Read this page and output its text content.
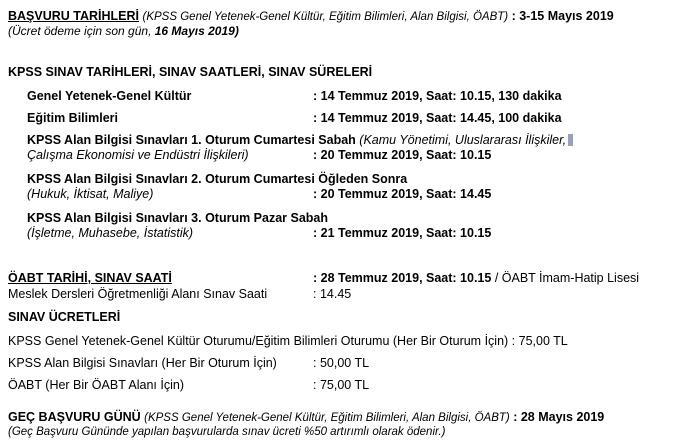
BAŞVURU TARİHLERİ (KPSS Genel Yetenek-Genel Kültür, Eğitim Bilimleri, Alan Bilgisi, ÖABT) : 3-15 Mayıs 2019
(Ücret ödeme için son gün, 16 Mayıs 2019)
KPSS SINAV TARİHLERİ, SINAV SAATLERİ, SINAV SÜRELERİ
Genel Yetenek-Genel Kültür	: 14 Temmuz 2019, Saat: 10.15, 130 dakika
Eğitim Bilimleri	: 14 Temmuz 2019, Saat: 14.45, 100 dakika
KPSS Alan Bilgisi Sınavları 1. Oturum Cumartesi Sabah (Kamu Yönetimi, Uluslararası İlişkiler,
Çalışma Ekonomisi ve Endüstri İlişkileri)	: 20 Temmuz 2019, Saat: 10.15
KPSS Alan Bilgisi Sınavları 2. Oturum Cumartesi Öğleden Sonra
(Hukuk, İktisat, Maliye)	: 20 Temmuz 2019, Saat: 14.45
KPSS Alan Bilgisi Sınavları 3. Oturum Pazar Sabah
(İşletme, Muhasebe, İstatistik)	: 21 Temmuz 2019, Saat: 10.15
ÖABT TARİHİ, SINAV SAATİ	: 28 Temmuz 2019, Saat: 10.15 / ÖABT İmam-Hatip Lisesi
Meslek Dersleri Öğretmenliği Alanı Sınav Saati	: 14.45
SINAV ÜCRETLERİ
KPSS Genel Yetenek-Genel Kültür Oturumu/Eğitim Bilimleri Oturumu (Her Bir Oturum İçin) : 75,00 TL
KPSS Alan Bilgisi Sınavları (Her Bir Oturum İçin)	: 50,00 TL
ÖABT (Her Bir ÖABT Alanı İçin)	: 75,00 TL
GEÇ BAŞVURU GÜNÜ (KPSS Genel Yetenek-Genel Kültür, Eğitim Bilimleri, Alan Bilgisi, ÖABT) : 28 Mayıs 2019
(Geç Başvuru Gününde yapılan başvurularda sınav ücreti %50 artırımlı olarak ödenir.)
